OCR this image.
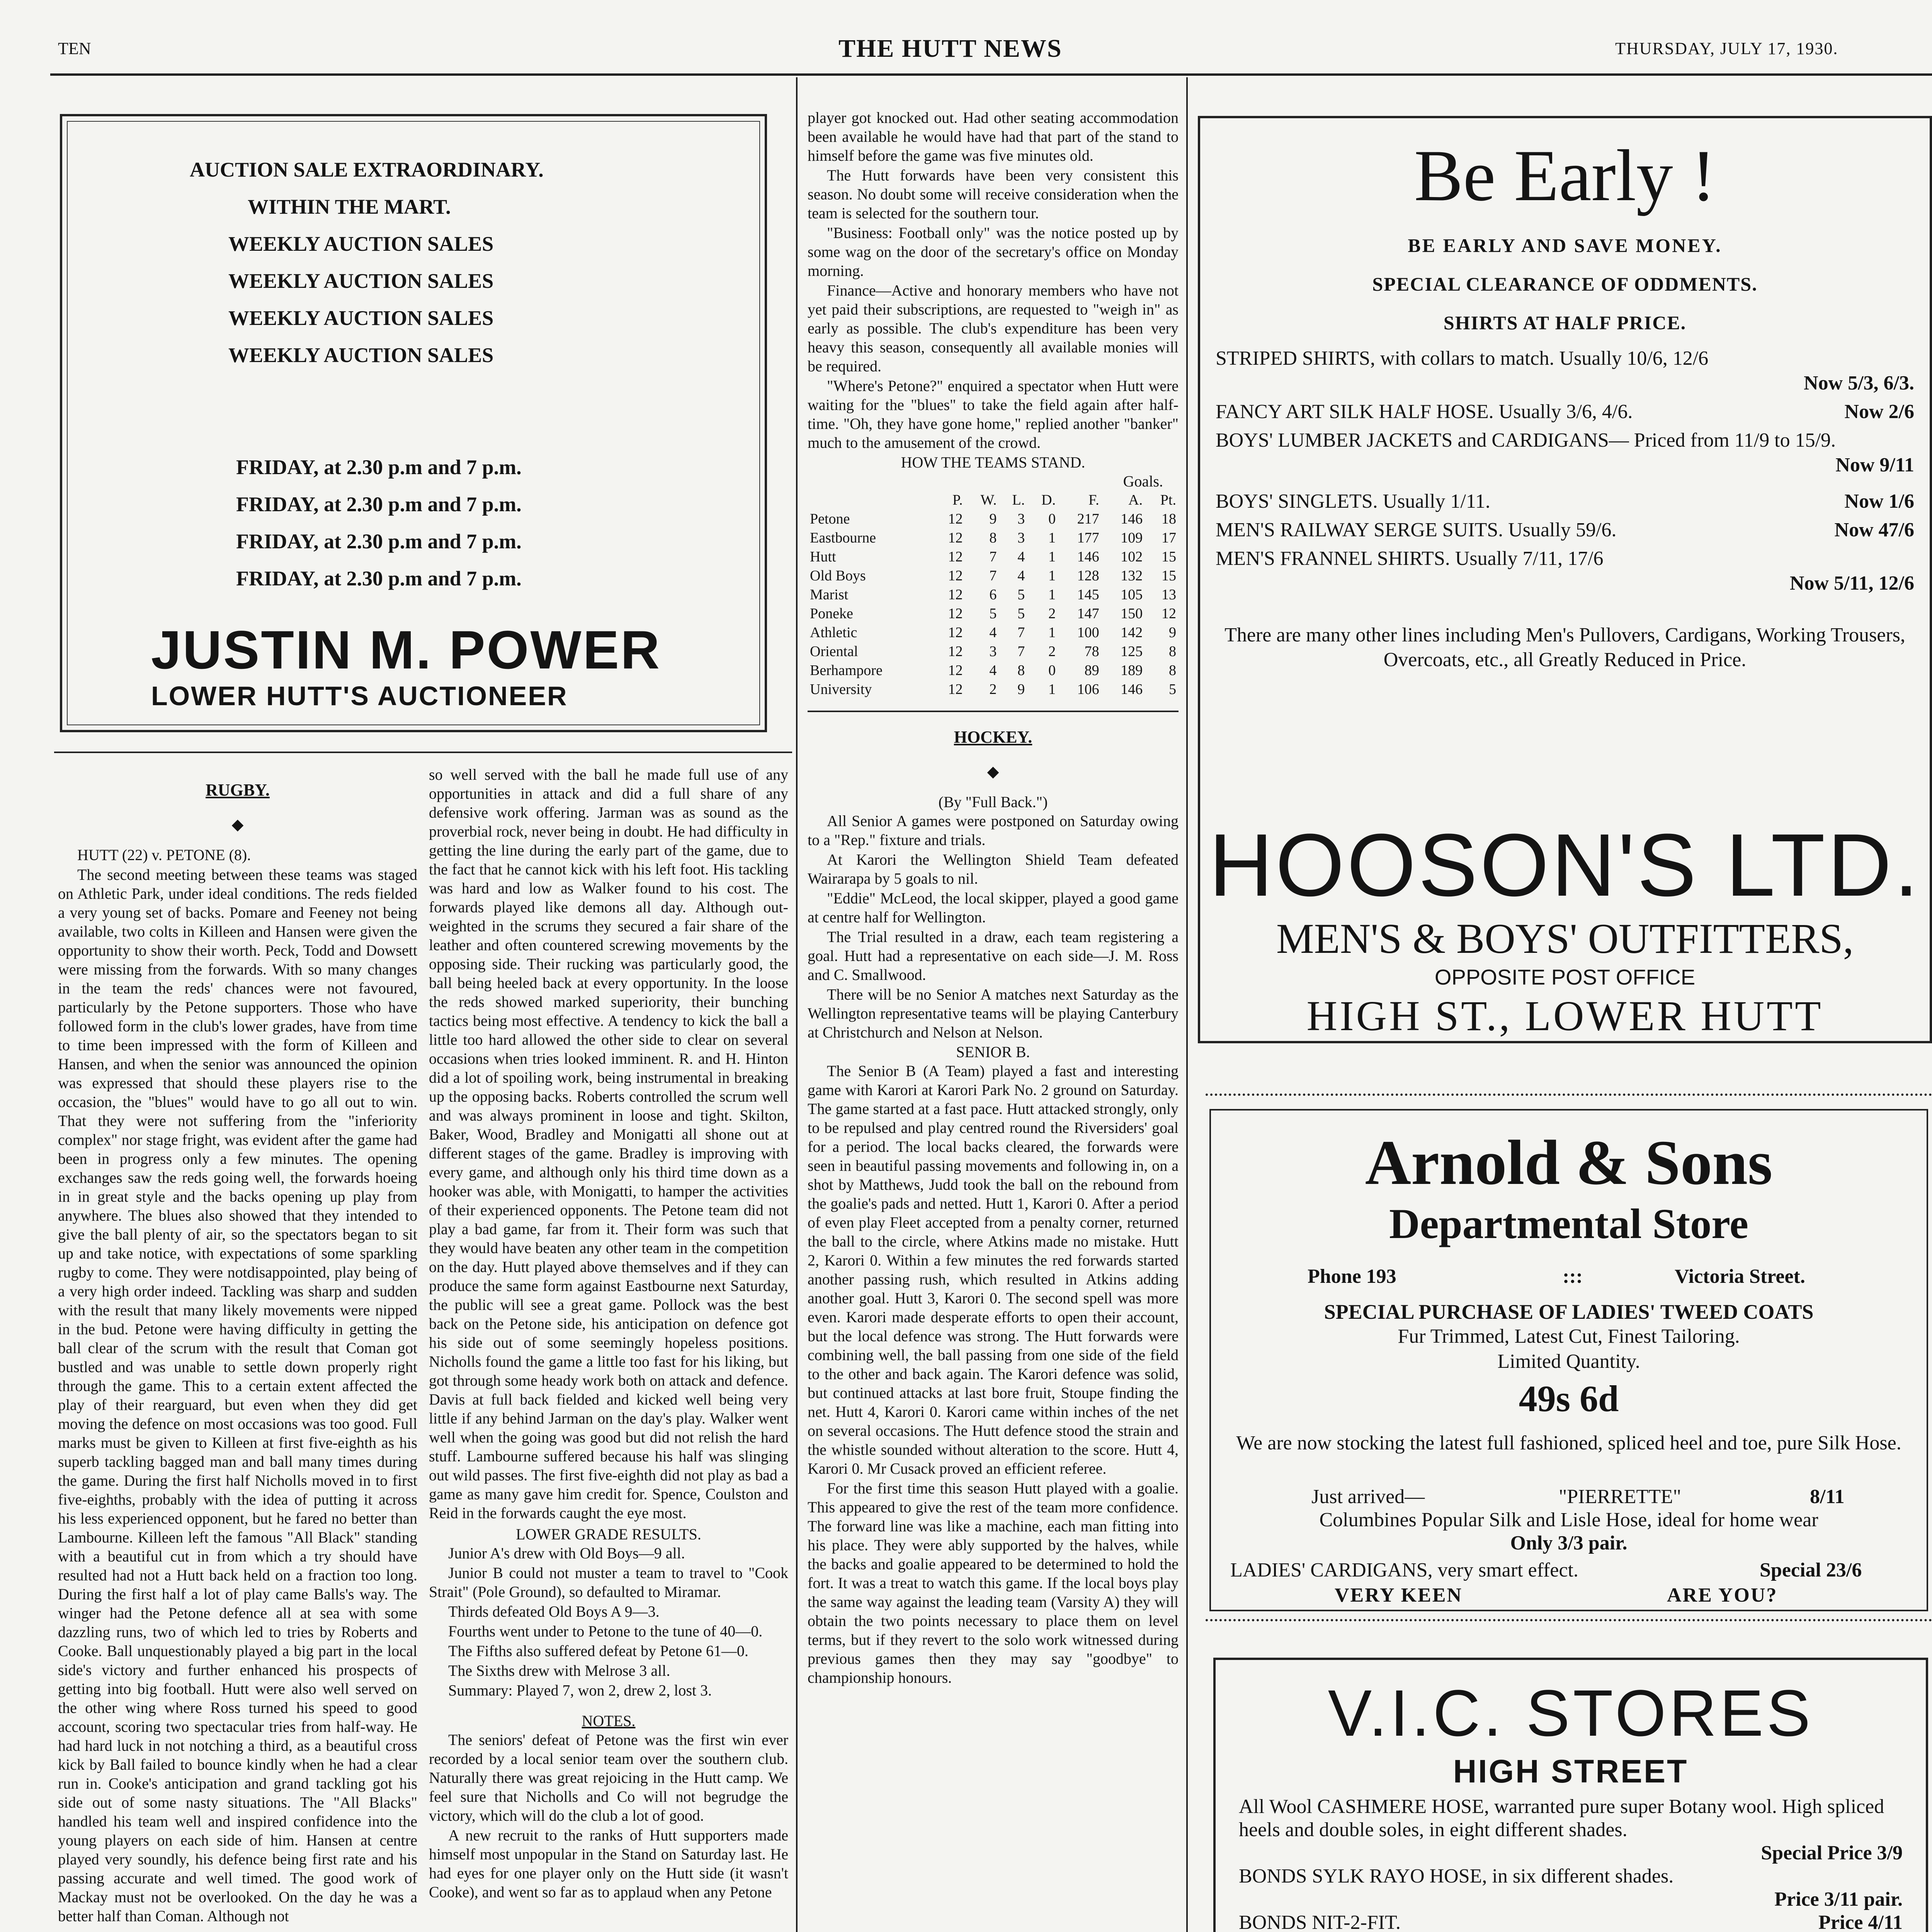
TEN	THE HUTT NEWS	THURSDAY, JULY 17, 1930.
AUCTION SALE EXTRAORDINARY.
WITHIN THE MART.
WEEKLY AUCTION SALES
WEEKLY AUCTION SALES
WEEKLY AUCTION SALES
WEEKLY AUCTION SALES
FRIDAY, at 2.30 p.m and 7 p.m.
FRIDAY, at 2.30 p.m and 7 p.m.
FRIDAY, at 2.30 p.m and 7 p.m.
FRIDAY, at 2.30 p.m and 7 p.m.
JUSTIN M. POWER
LOWER HUTT'S AUCTIONEER
RUGBY.
◆

HUTT (22) v. PETONE (8).

The second meeting between these teams was staged on Athletic Park, under ideal conditions. The reds fielded a very young set of backs. Pomare and Feeney not being available, two colts in Killeen and Hansen were given the opportunity to show their worth. Peck, Todd and Dowsett were missing from the forwards. With so many changes in the team the reds' chances were not favoured, particularly by the Petone supporters. Those who have followed form in the club's lower grades, have from time to time been impressed with the form of Killeen and Hansen, and when the senior was announced the opinion was expressed that should these players rise to the occasion, the "blues" would have to go all out to win. That they were not suffering from the "inferiority complex" nor stage fright, was evident after the game had been in progress only a few minutes. The opening exchanges saw the reds going well, the forwards hoeing in in great style and the backs opening up play from anywhere. The blues also showed that they intended to give the ball plenty of air, so the spectators began to sit up and take notice, with expectations of some sparkling rugby to come. They were notdisappointed, play being of a very high order indeed. Tackling was sharp and sudden with the result that many likely movements were nipped in the bud. Petone were having difficulty in getting the ball clear of the scrum with the result that Coman got bustled and was unable to settle down properly right through the game. This to a certain extent affected the play of their rearguard, but even when they did get moving the defence on most occasions was too good. Full marks must be given to Killeen at first five-eighth as his superb tackling bagged man and ball many times during the game. During the first half Nicholls moved in to first five-eighths, probably with the idea of putting it across his less experienced opponent, but he fared no better than Lambourne. Killeen left the famous "All Black" standing with a beautiful cut in from which a try should have resulted had not a Hutt back held on a fraction too long. During the first half a lot of play came Balls's way. The winger had the Petone defence all at sea with some dazzling runs, two of which led to tries by Roberts and Cooke. Ball unquestionably played a big part in the local side's victory and further enhanced his prospects of getting into big football. Hutt were also well served on the other wing where Ross turned his speed to good account, scoring two spectacular tries from half-way. He had hard luck in not notching a third, as a beautiful cross kick by Ball failed to bounce kindly when he had a clear run in. Cooke's anticipation and grand tackling got his side out of some nasty situations. The "All Blacks" handled his team well and inspired confidence into the young players on each side of him. Hansen at centre played very soundly, his defence being first rate and his passing accurate and well timed. The good work of Mackay must not be overlooked. On the day he was a better half than Coman. Although not

so well served with the ball he made full use of any opportunities in attack and did a full share of any defensive work offering. Jarman was as sound as the proverbial rock, never being in doubt. He had difficulty in getting the line during the early part of the game, due to the fact that he cannot kick with his left foot. His tackling was hard and low as Walker found to his cost. The forwards played like demons all day. Although out-weighted in the scrums they secured a fair share of the leather and often countered screwing movements by the opposing side. Their rucking was particularly good, the ball being heeled back at every opportunity. In the loose the reds showed marked superiority, their bunching tactics being most effective. A tendency to kick the ball a little too hard allowed the other side to clear on several occasions when tries looked imminent. R. and H. Hinton did a lot of spoiling work, being instrumental in breaking up the opposing backs. Roberts controlled the scrum well and was always prominent in loose and tight. Skilton, Baker, Wood, Bradley and Monigatti all shone out at different stages of the game. Bradley is improving with every game, and although only his third time down as a hooker was able, with Monigatti, to hamper the activities of their experienced opponents. The Petone team did not play a bad game, far from it. Their form was such that they would have beaten any other team in the competition on the day. Hutt played above themselves and if they can produce the same form against Eastbourne next Saturday, the public will see a great game. Pollock was the best back on the Petone side, his anticipation on defence got his side out of some seemingly hopeless positions. Nicholls found the game a little too fast for his liking, but got through some heady work both on attack and defence. Davis at full back fielded and kicked well being very little if any behind Jarman on the day's play. Walker went well when the going was good but did not relish the hard stuff. Lambourne suffered because his half was slinging out wild passes. The first five-eighth did not play as bad a game as many gave him credit for. Spence, Coulston and Reid in the forwards caught the eye most.

LOWER GRADE RESULTS.

Junior A's drew with Old Boys—9 all.

Junior B could not muster a team to travel to "Cook Strait" (Pole Ground), so defaulted to Miramar.

Thirds defeated Old Boys A 9—3.

Fourths went under to Petone to the tune of 40—0.

The Fifths also suffered defeat by Petone 61—0.

The Sixths drew with Melrose 3 all.

Summary: Played 7, won 2, drew 2, lost 3.

NOTES.

The seniors' defeat of Petone was the first win ever recorded by a local senior team over the southern club. Naturally there was great rejoicing in the Hutt camp. We feel sure that Nicholls and Co will not begrudge the victory, which will do the club a lot of good.

A new recruit to the ranks of Hutt supporters made himself most unpopular in the Stand on Saturday last. He had eyes for one player only on the Hutt side (it wasn't Cooke), and went so far as to applaud when any Petone

player got knocked out. Had other seating accommodation been available he would have had that part of the stand to himself before the game was five minutes old.

The Hutt forwards have been very consistent this season. No doubt some will receive consideration when the team is selected for the southern tour.

"Business: Football only" was the notice posted up by some wag on the door of the secretary's office on Monday morning.

Finance—Active and honorary members who have not yet paid their subscriptions, are requested to "weigh in" as early as possible. The club's expenditure has been very heavy this season, consequently all available monies will be required.

"Where's Petone?" enquired a spectator when Hutt were waiting for the "blues" to take the field again after half-time. "Oh, they have gone home," replied another "banker" much to the amusement of the crowd.

HOW THE TEAMS STAND.
Goals.
	P.	W.	L.	D.	F.	A.	Pt.
Petone	12	9	3	0	217	146	18
Eastbourne	12	8	3	1	177	109	17
Hutt	12	7	4	1	146	102	15
Old Boys	12	7	4	1	128	132	15
Marist	12	6	5	1	145	105	13
Poneke	12	5	5	2	147	150	12
Athletic	12	4	7	1	100	142	9
Oriental	12	3	7	2	78	125	8
Berhampore	12	4	8	0	89	189	8
University	12	2	9	1	106	146	5
HOCKEY.
◆
(By "Full Back.")

All Senior A games were postponed on Saturday owing to a "Rep." fixture and trials.

At Karori the Wellington Shield Team defeated Wairarapa by 5 goals to nil.

"Eddie" McLeod, the local skipper, played a good game at centre half for Wellington.

The Trial resulted in a draw, each team registering a goal. Hutt had a representative on each side—J. M. Ross and C. Smallwood.

There will be no Senior A matches next Saturday as the Wellington representative teams will be playing Canterbury at Christchurch and Nelson at Nelson.

SENIOR B.

The Senior B (A Team) played a fast and interesting game with Karori at Karori Park No. 2 ground on Saturday. The game started at a fast pace. Hutt attacked strongly, only to be repulsed and play centred round the Riversiders' goal for a period. The local backs cleared, the forwards were seen in beautiful passing movements and following in, on a shot by Matthews, Judd took the ball on the rebound from the goalie's pads and netted. Hutt 1, Karori 0. After a period of even play Fleet accepted from a penalty corner, returned the ball to the circle, where Atkins made no mistake. Hutt 2, Karori 0. Within a few minutes the red forwards started another passing rush, which resulted in Atkins adding another goal. Hutt 3, Karori 0. The second spell was more even. Karori made desperate efforts to open their account, but the local defence was strong. The Hutt forwards were combining well, the ball passing from one side of the field to the other and back again. The Karori defence was solid, but continued attacks at last bore fruit, Stoupe finding the net. Hutt 4, Karori 0. Karori came within inches of the net on several occasions. The Hutt defence stood the strain and the whistle sounded without alteration to the score. Hutt 4, Karori 0. Mr Cusack proved an efficient referee.

For the first time this season Hutt played with a goalie. This appeared to give the rest of the team more confidence. The forward line was like a machine, each man fitting into his place. They were ably supported by the halves, while the backs and goalie appeared to be determined to hold the fort. It was a treat to watch this game. If the local boys play the same way against the leading team (Varsity A) they will obtain the two points necessary to place them on level terms, but if they revert to the solo work witnessed during previous games then they may say "goodbye" to championship honours.

Be Early !
BE EARLY AND SAVE MONEY.
SPECIAL CLEARANCE OF ODDMENTS.
SHIRTS AT HALF PRICE.
STRIPED SHIRTS, with collars to match. Usually 10/6, 12/6
Now 5/3, 6/3.
FANCY ART SILK HALF HOSE. Usually 3/6, 4/6.	Now 2/6
BOYS' LUMBER JACKETS and CARDIGANS— Priced from 11/9 to 15/9.
Now 9/11
BOYS' SINGLETS. Usually 1/11.	Now 1/6
MEN'S RAILWAY SERGE SUITS. Usually 59/6.	Now 47/6
MEN'S FRANNEL SHIRTS. Usually 7/11, 17/6
Now 5/11, 12/6
There are many other lines including Men's Pullovers, Cardigans, Working Trousers, Overcoats, etc., all Greatly Reduced in Price.
HOOSON'S LTD.
MEN'S & BOYS' OUTFITTERS,
OPPOSITE POST OFFICE
HIGH ST., LOWER HUTT
Arnold & Sons
Departmental Store
Phone 193	:::	Victoria Street.
SPECIAL PURCHASE OF LADIES' TWEED COATS
Fur Trimmed, Latest Cut, Finest Tailoring.
Limited Quantity.
49s 6d
We are now stocking the latest full fashioned, spliced heel and toe, pure Silk Hose.
Just arrived—	"PIERRETTE"	8/11
Columbines Popular Silk and Lisle Hose, ideal for home wear
Only 3/3 pair.
LADIES' CARDIGANS, very smart effect.	Special 23/6
VERY KEEN	ARE YOU?
V.I.C. STORES
HIGH STREET
All Wool CASHMERE HOSE, warranted pure super Botany wool. High spliced heels and double soles, in eight different shades.
Special Price 3/9
BONDS SYLK RAYO HOSE, in six different shades.
Price 3/11 pair.
BONDS NIT-2-FIT.	Price 4/11
